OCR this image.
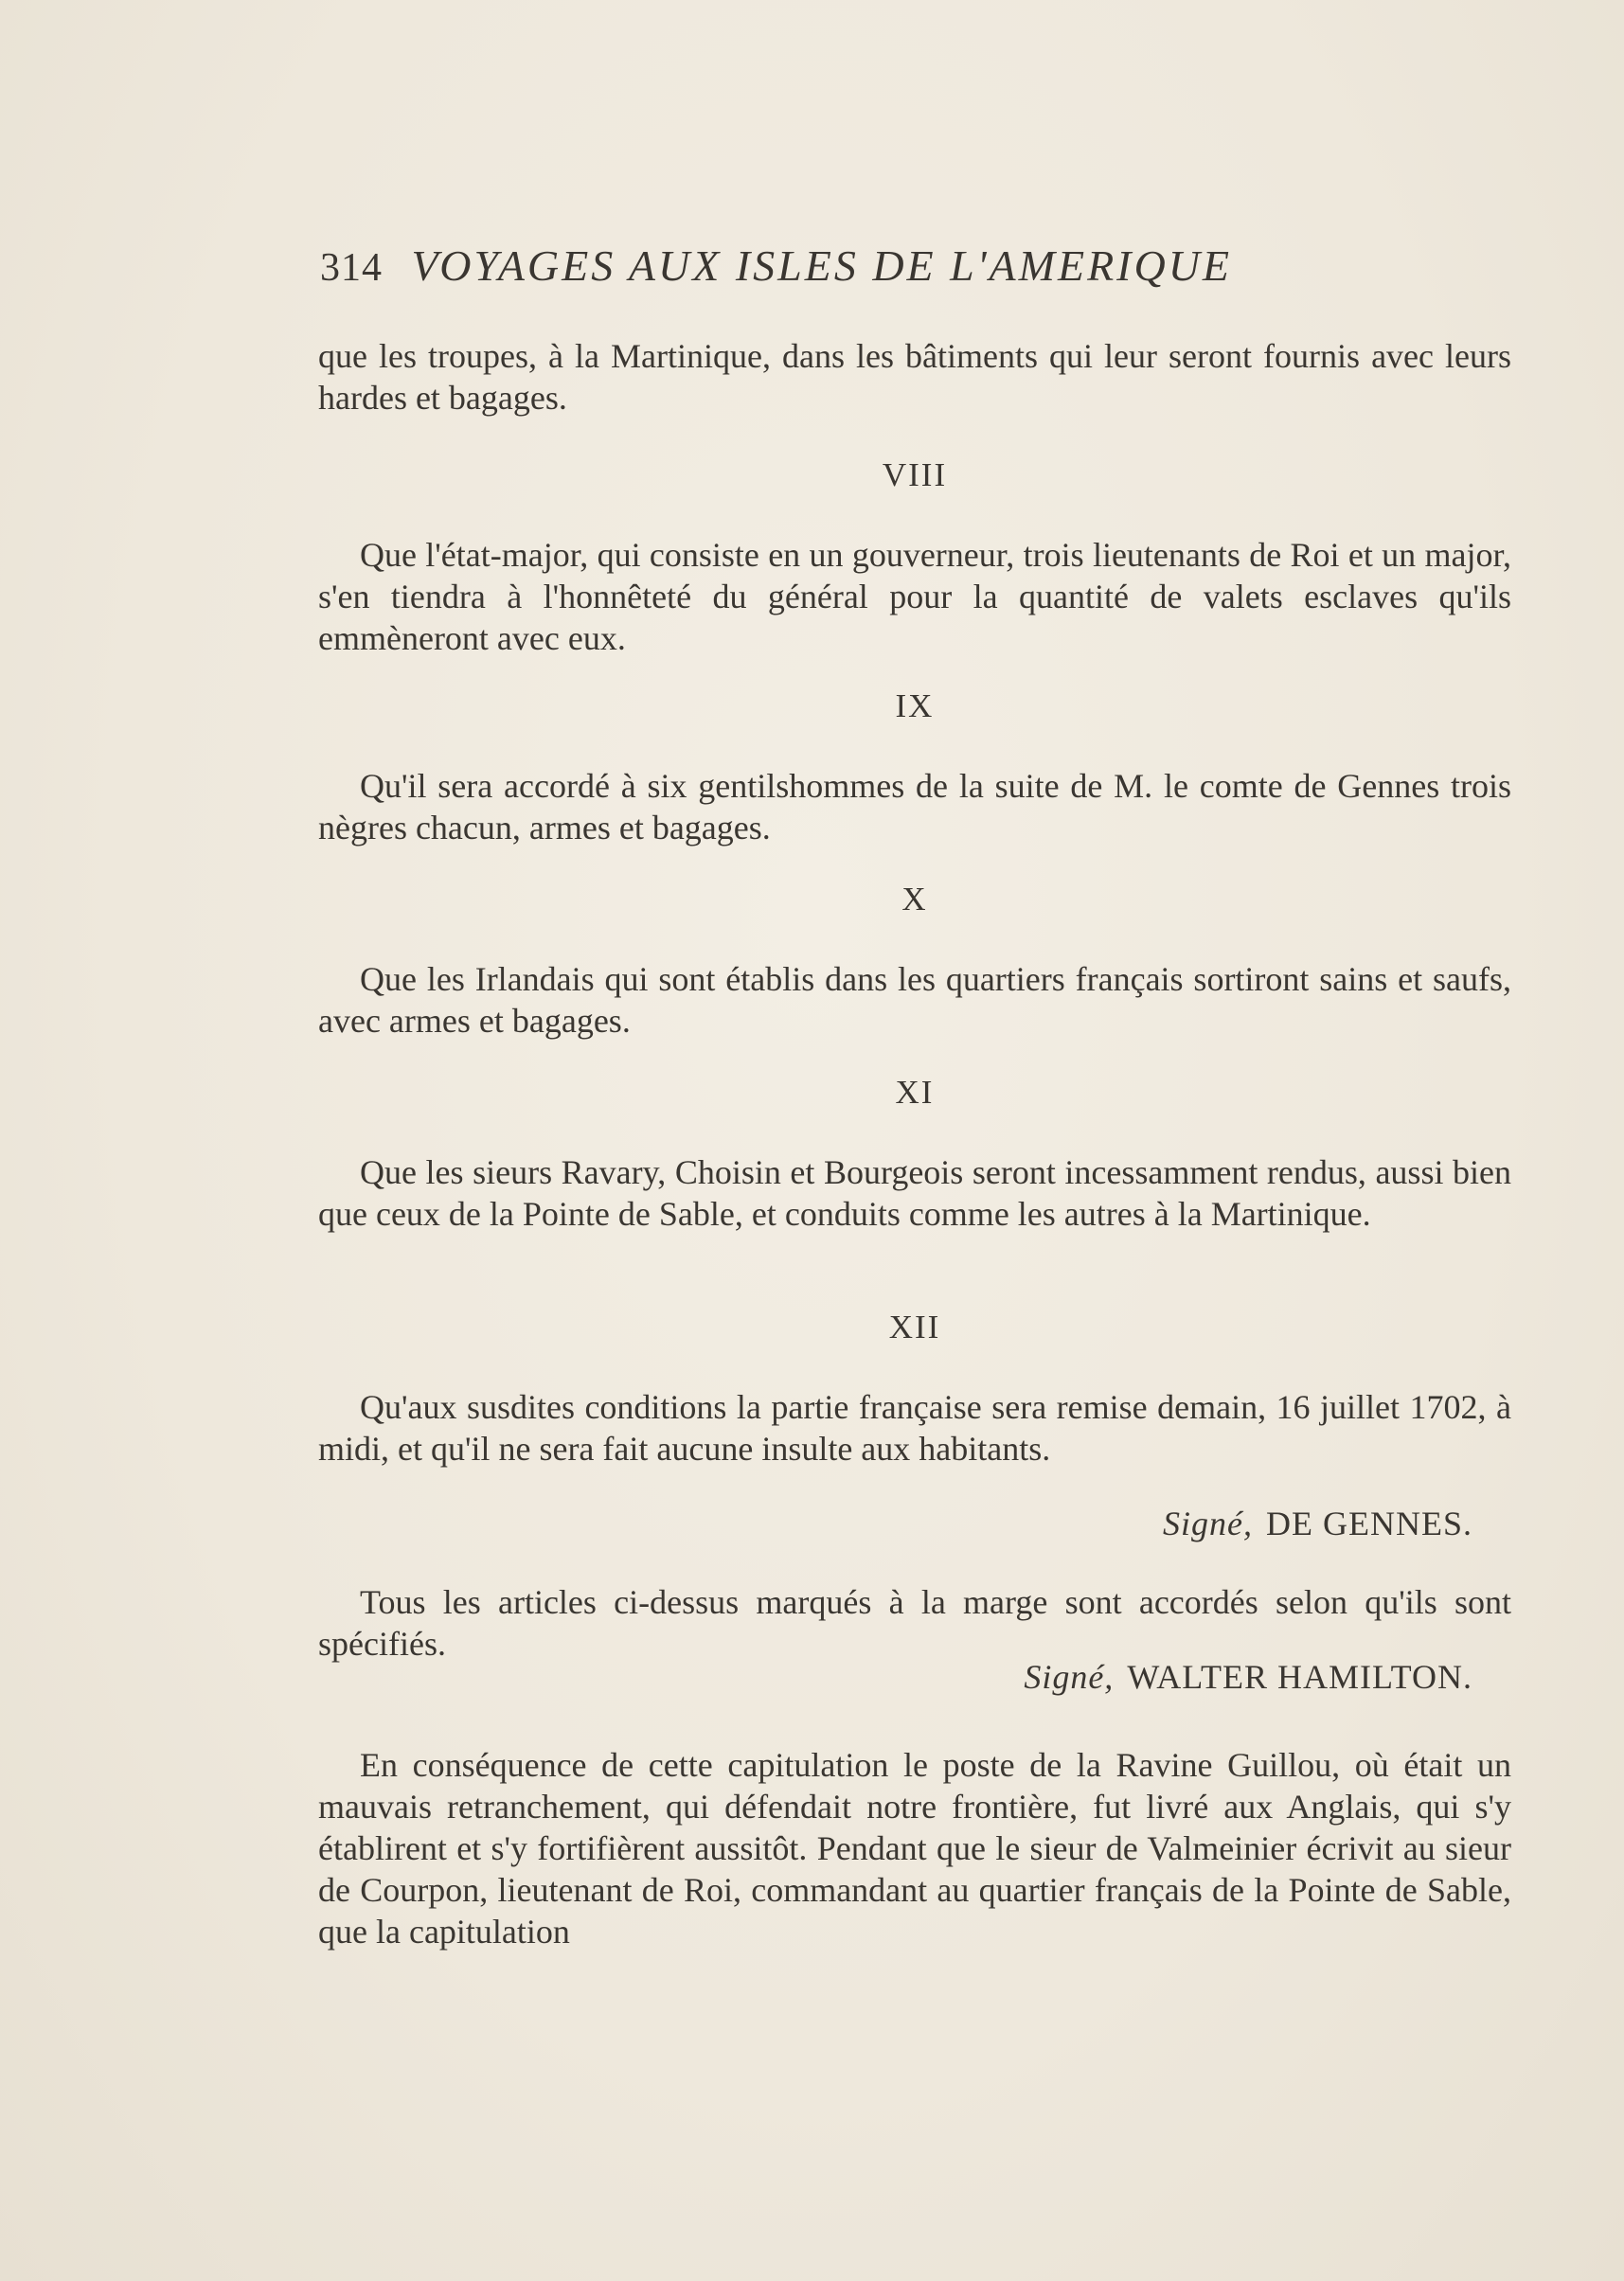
314 VOYAGES AUX ISLES DE L'AMERIQUE

que les troupes, à la Martinique, dans les bâtiments qui leur seront fournis avec leurs hardes et bagages.

VIII

Que l'état-major, qui consiste en un gouverneur, trois lieutenants de Roi et un major, s'en tiendra à l'honnêteté du général pour la quantité de valets esclaves qu'ils emmèneront avec eux.

IX

Qu'il sera accordé à six gentilshommes de la suite de M. le comte de Gennes trois nègres chacun, armes et bagages.

X

Que les Irlandais qui sont établis dans les quartiers français sortiront sains et saufs, avec armes et bagages.

XI

Que les sieurs Ravary, Choisin et Bourgeois seront incessamment rendus, aussi bien que ceux de la Pointe de Sable, et conduits comme les autres à la Martinique.

XII

Qu'aux susdites conditions la partie française sera remise demain, 16 juillet 1702, à midi, et qu'il ne sera fait aucune insulte aux habitants.

Signé, DE GENNES.

Tous les articles ci-dessus marqués à la marge sont accordés selon qu'ils sont spécifiés.

Signé, WALTER HAMILTON.

En conséquence de cette capitulation le poste de la Ravine Guillou, où était un mauvais retranchement, qui défendait notre frontière, fut livré aux Anglais, qui s'y établirent et s'y fortifièrent aussitôt. Pendant que le sieur de Valmeinier écrivit au sieur de Courpon, lieutenant de Roi, commandant au quartier français de la Pointe de Sable, que la capitulation
